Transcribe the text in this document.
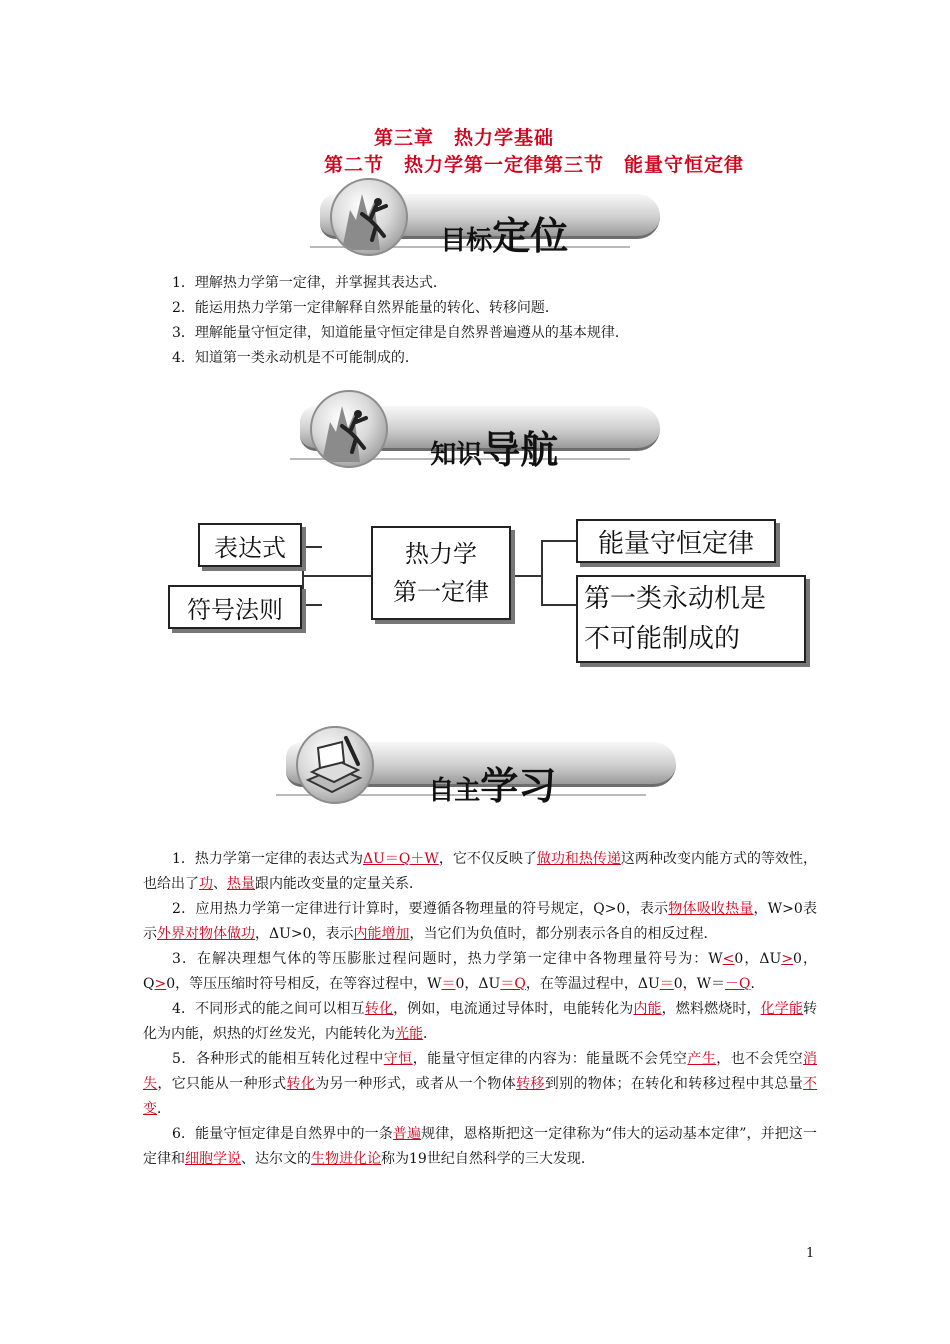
第三章　热力学基础
第二节　热力学第一定律第三节　能量守恒定律

目标定位

1．理解热力学第一定律，并掌握其表达式．
2．能运用热力学第一定律解释自然界能量的转化、转移问题．
3．理解能量守恒定律，知道能量守恒定律是自然界普遍遵从的基本规律．
4．知道第一类永动机是不可能制成的．

知识导航

表达式
符号法则
热力学
第一定律
能量守恒定律
第一类永动机是
不可能制成的

自主学习

1．热力学第一定律的表达式为ΔU＝Q＋W，它不仅反映了做功和热传递这两种改变内能方式的等效性，也给出了功、热量跟内能改变量的定量关系．

2．应用热力学第一定律进行计算时，要遵循各物理量的符号规定，Q>0，表示物体吸收热量，W>0表示外界对物体做功，ΔU>0，表示内能增加，当它们为负值时，都分别表示各自的相反过程．

3．在解决理想气体的等压膨胀过程问题时，热力学第一定律中各物理量符号为：W<0，ΔU>0，Q>0，等压压缩时符号相反，在等容过程中，W＝0，ΔU＝Q，在等温过程中，ΔU＝0，W＝－Q．

4．不同形式的能之间可以相互转化，例如，电流通过导体时，电能转化为内能，燃料燃烧时，化学能转化为内能，炽热的灯丝发光，内能转化为光能．

5．各种形式的能相互转化过程中守恒，能量守恒定律的内容为：能量既不会凭空产生，也不会凭空消失，它只能从一种形式转化为另一种形式，或者从一个物体转移到别的物体；在转化和转移过程中其总量不变．

6．能量守恒定律是自然界中的一条普遍规律，恩格斯把这一定律称为“伟大的运动基本定律”，并把这一定律和细胞学说、达尔文的生物进化论称为19世纪自然科学的三大发现．

1
